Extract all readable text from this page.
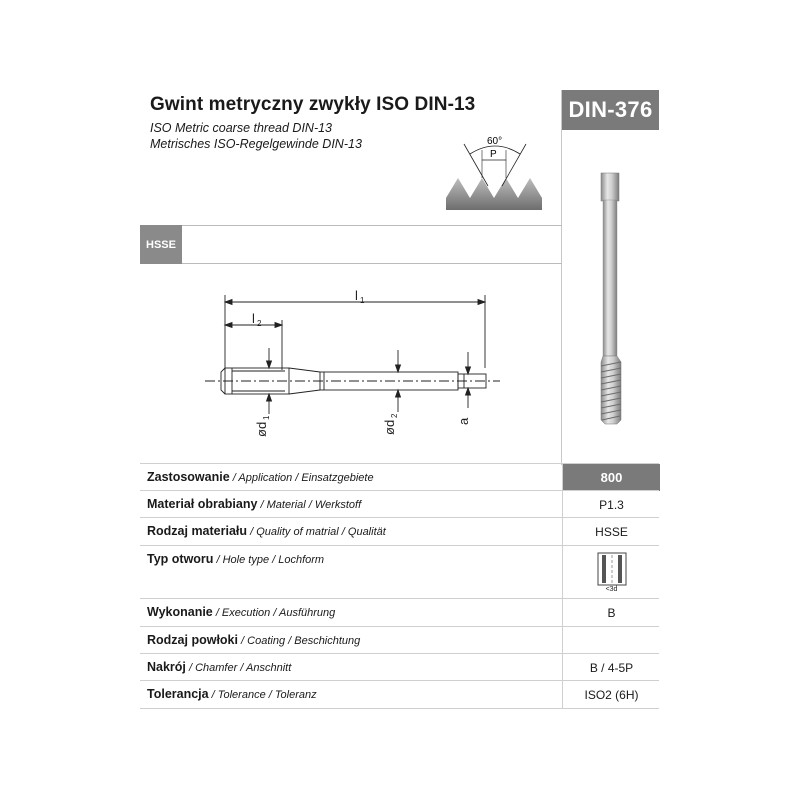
Gwint metryczny zwykły ISO DIN-13
ISO Metric coarse thread DIN-13
Metrisches ISO-Regelgewinde DIN-13
DIN-376
60°
P
HSSE
l 1
l 2
ød
1
ød
2
a
Zastosowanie / Application / Einsatzgebiete	800
Materiał obrabiany / Material / Werkstoff	P1.3
Rodzaj materiału / Quality of matrial / Qualität	HSSE
Typ otworu / Hole type / Lochform
<3d
Wykonanie / Execution / Ausführung	B
Rodzaj powłoki / Coating / Beschichtung
Nakrój / Chamfer / Anschnitt	B / 4-5P
Tolerancja / Tolerance / Toleranz	ISO2 (6H)
